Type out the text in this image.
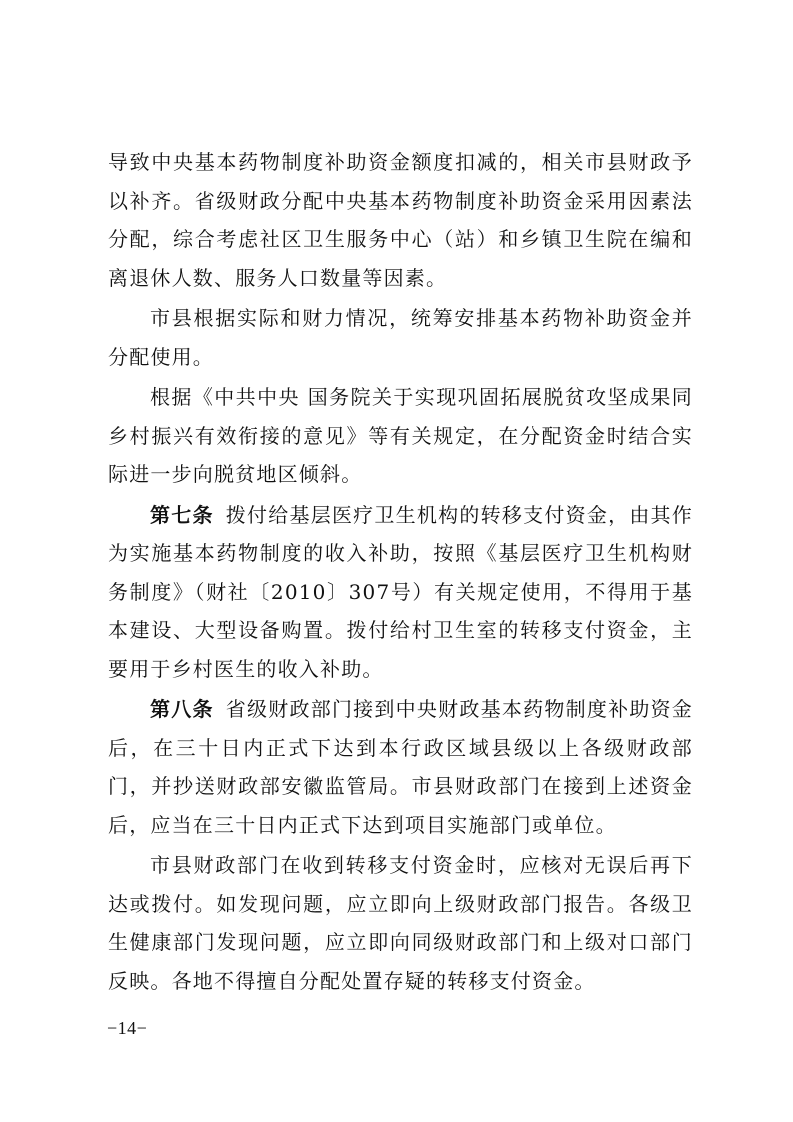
导致中央基本药物制度补助资金额度扣减的，相关市县财政予以补齐。省级财政分配中央基本药物制度补助资金采用因素法分配，综合考虑社区卫生服务中心（站）和乡镇卫生院在编和离退休人数、服务人口数量等因素。

市县根据实际和财力情况，统筹安排基本药物补助资金并分配使用。

根据《中共中央 国务院关于实现巩固拓展脱贫攻坚成果同乡村振兴有效衔接的意见》等有关规定，在分配资金时结合实际进一步向脱贫地区倾斜。

第七条 拨付给基层医疗卫生机构的转移支付资金，由其作为实施基本药物制度的收入补助，按照《基层医疗卫生机构财务制度》（财社〔2010〕307号）有关规定使用，不得用于基本建设、大型设备购置。拨付给村卫生室的转移支付资金，主要用于乡村医生的收入补助。

第八条 省级财政部门接到中央财政基本药物制度补助资金后，在三十日内正式下达到本行政区域县级以上各级财政部门，并抄送财政部安徽监管局。市县财政部门在接到上述资金后，应当在三十日内正式下达到项目实施部门或单位。

市县财政部门在收到转移支付资金时，应核对无误后再下达或拨付。如发现问题，应立即向上级财政部门报告。各级卫生健康部门发现问题，应立即向同级财政部门和上级对口部门反映。各地不得擅自分配处置存疑的转移支付资金。

−14−
